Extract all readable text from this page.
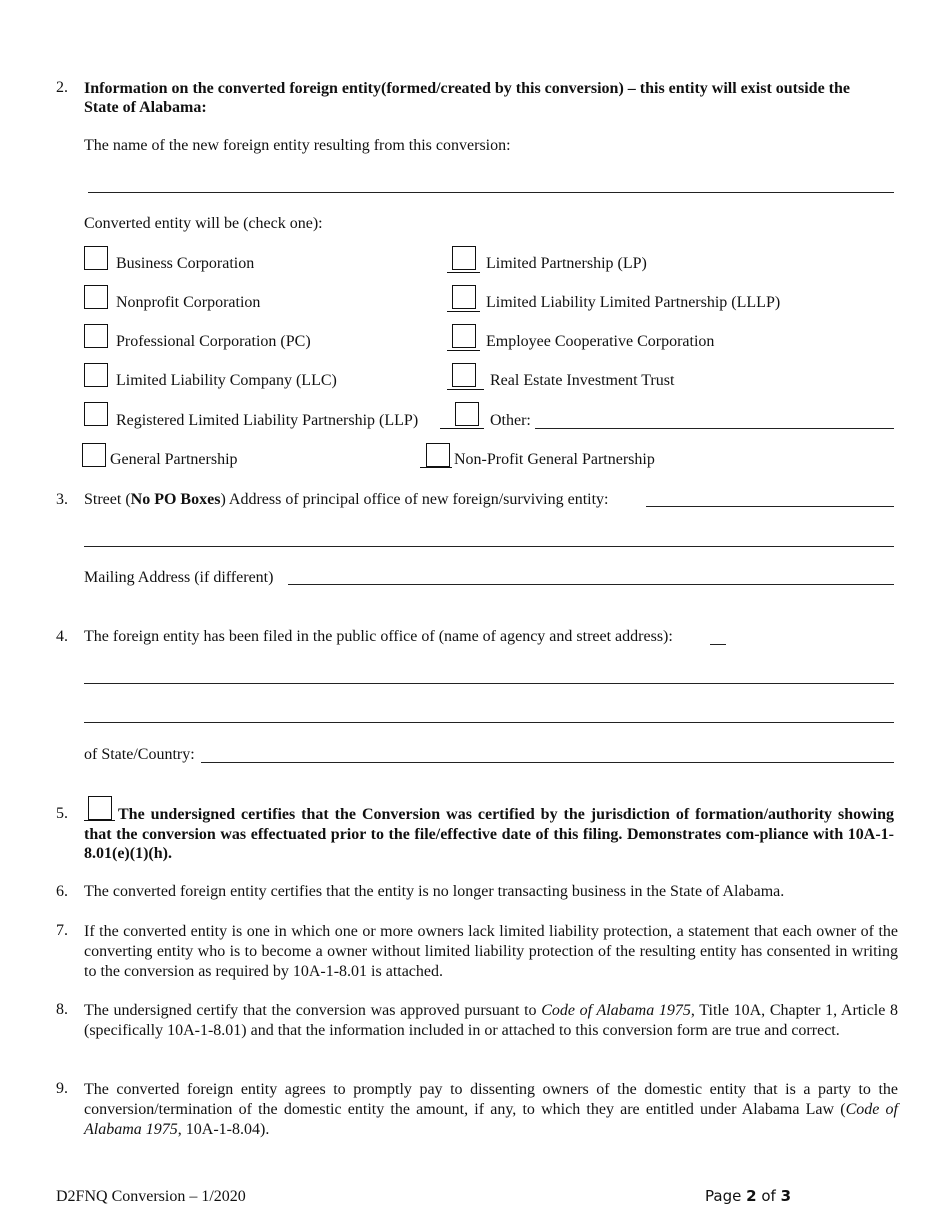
2. Information on the converted foreign entity(formed/created by this conversion) – this entity will exist outside the State of Alabama:
The name of the new foreign entity resulting from this conversion:
Converted entity will be (check one):
Business Corporation
Nonprofit Corporation
Professional Corporation (PC)
Limited Liability Company (LLC)
Registered Limited Liability Partnership (LLP)
General Partnership
Limited Partnership (LP)
Limited Liability Limited Partnership (LLLP)
Employee Cooperative Corporation
Real Estate Investment Trust
Other:
Non-Profit General Partnership
3. Street (No PO Boxes) Address of principal office of new foreign/surviving entity:
Mailing Address (if different)
4. The foreign entity has been filed in the public office of (name of agency and street address):
of State/Country:
5.	The undersigned certifies that the Conversion was certified by the jurisdiction of formation/authority showing that the conversion was effectuated prior to the file/effective date of this filing. Demonstrates com-pliance with 10A-1-8.01(e)(1)(h).
6. The converted foreign entity certifies that the entity is no longer transacting business in the State of Alabama.
7. If the converted entity is one in which one or more owners lack limited liability protection, a statement that each owner of the converting entity who is to become a owner without limited liability protection of the resulting entity has consented in writing to the conversion as required by 10A-1-8.01 is attached.
8. The undersigned certify that the conversion was approved pursuant to Code of Alabama 1975, Title 10A, Chapter 1, Article 8 (specifically 10A-1-8.01) and that the information included in or attached to this conversion form are true and correct.
9. The converted foreign entity agrees to promptly pay to dissenting owners of the domestic entity that is a party to the conversion/termination of the domestic entity the amount, if any, to which they are entitled under Alabama Law (Code of Alabama 1975, 10A-1-8.04).
D2FNQ Conversion – 1/2020	Page 2 of 3
